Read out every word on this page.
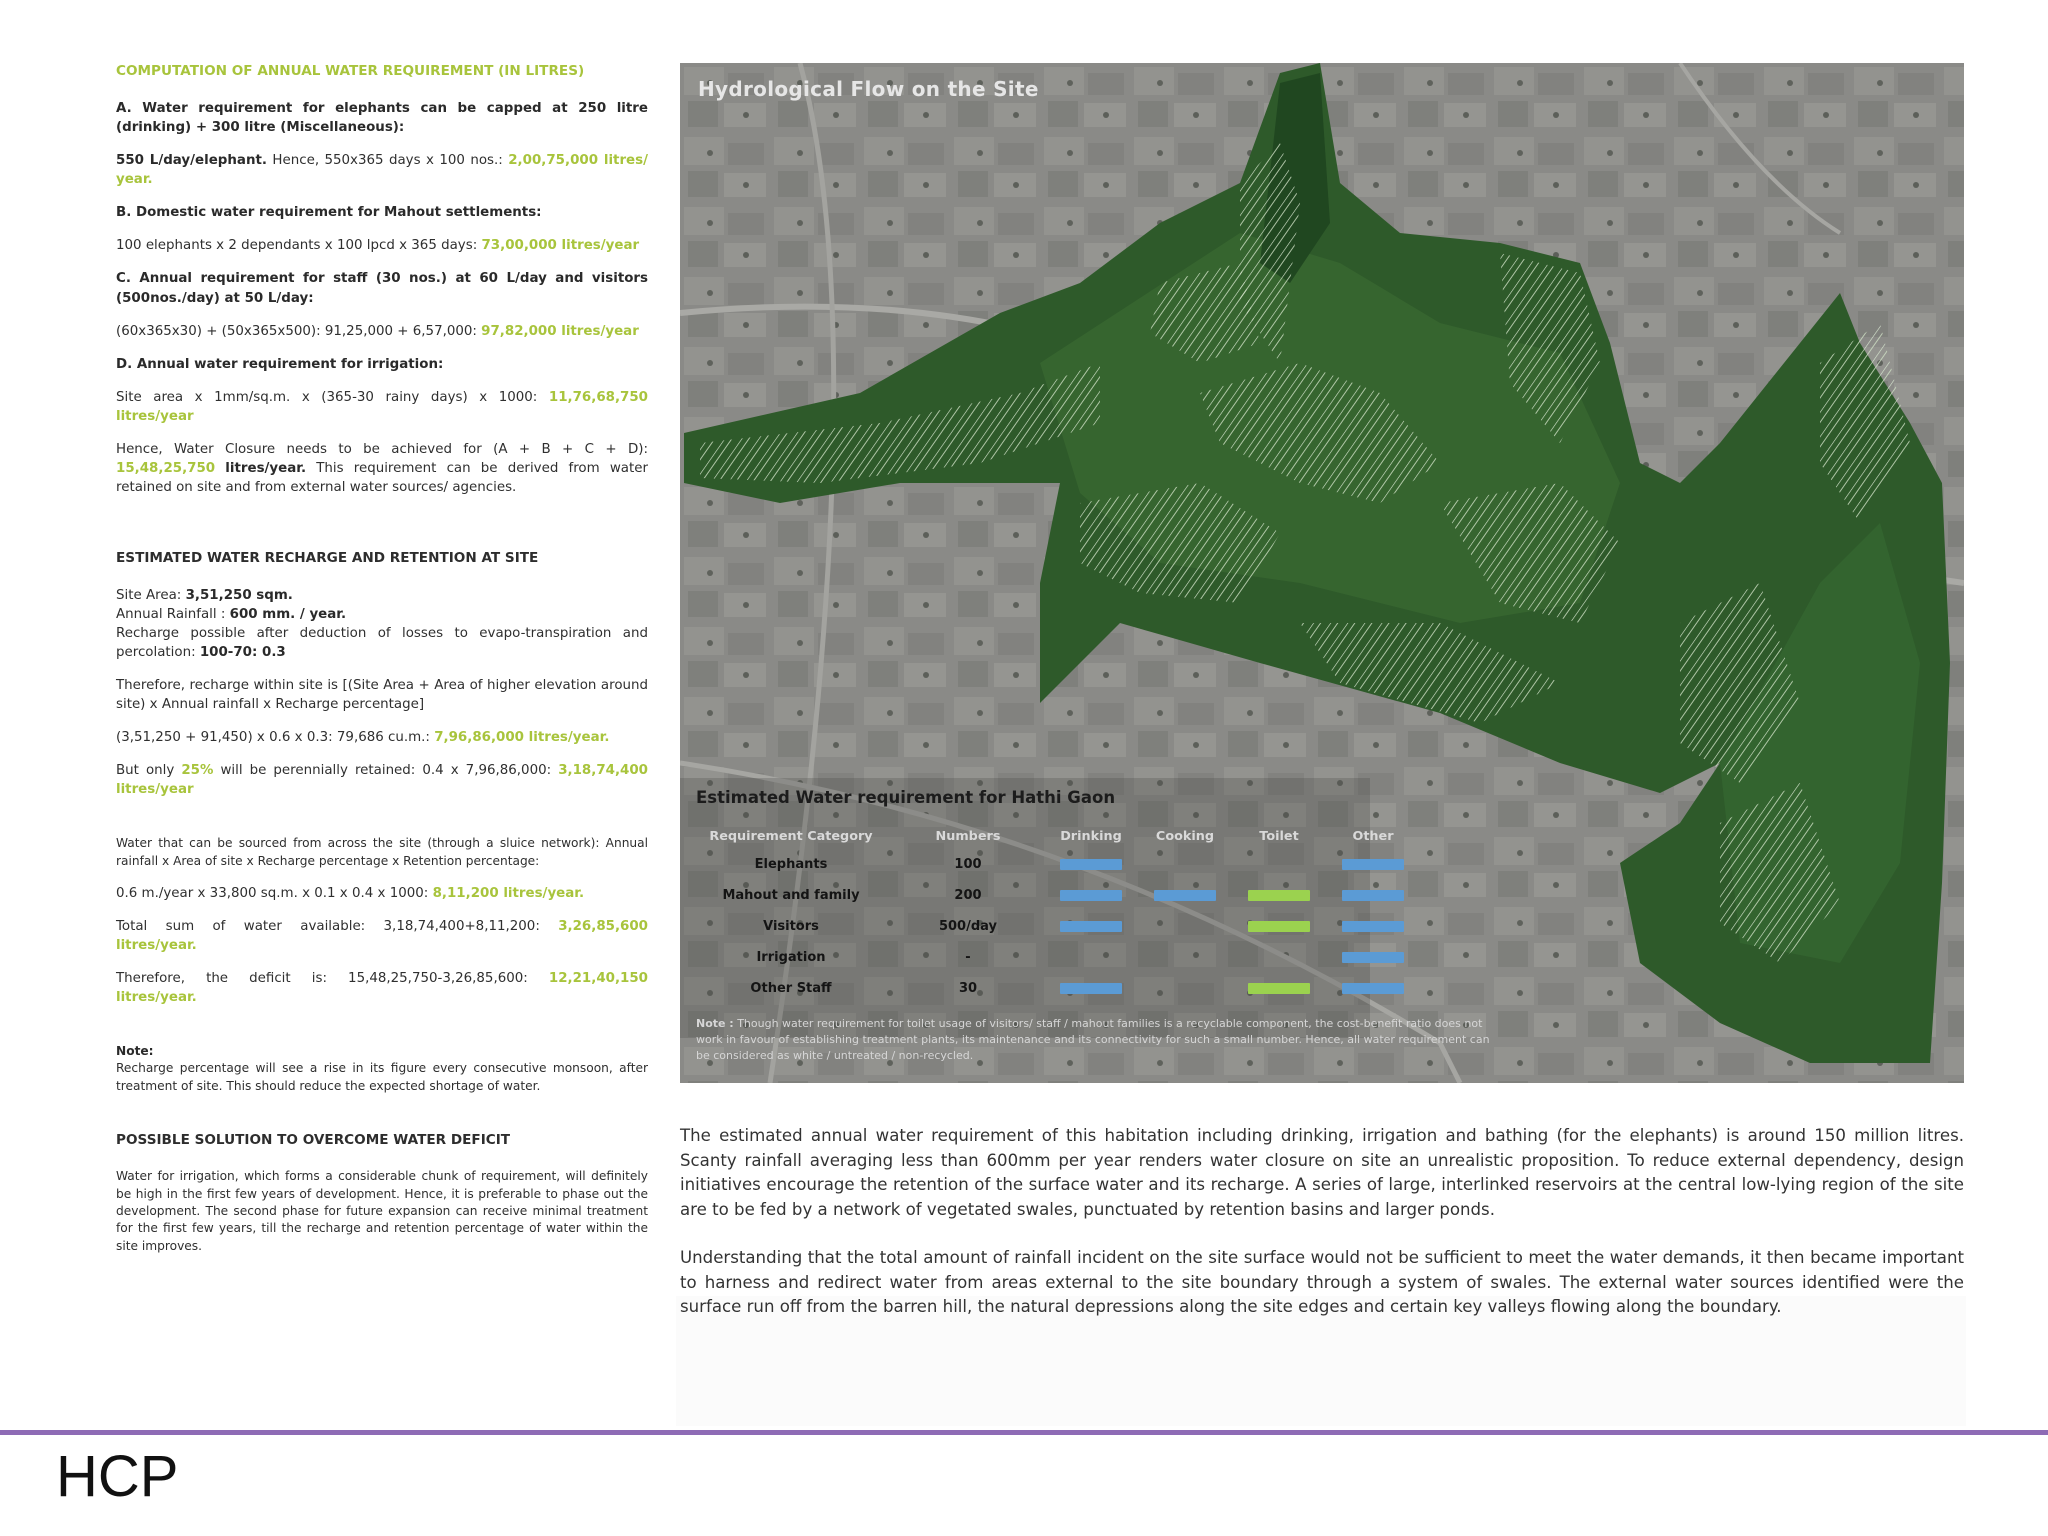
COMPUTATION OF ANNUAL WATER REQUIREMENT (IN LITRES)

A. Water requirement for elephants can be capped at 250 litre (drinking) + 300 litre (Miscellaneous):

550 L/day/elephant. Hence, 550x365 days x 100 nos.: 2,00,75,000 litres/ year.

B. Domestic water requirement for Mahout settlements:

100 elephants x 2 dependants x 100 lpcd x 365 days: 73,00,000 litres/year

C. Annual requirement for staff (30 nos.) at 60 L/day and visitors (500nos./day) at 50 L/day:

(60x365x30) + (50x365x500): 91,25,000 + 6,57,000: 97,82,000 litres/year

D. Annual water requirement for irrigation:

Site area x 1mm/sq.m. x (365-30 rainy days) x 1000: 11,76,68,750 litres/year

Hence, Water Closure needs to be achieved for (A + B + C + D): 15,48,25,750 litres/year. This requirement can be derived from water retained on site and from external water sources/ agencies.

ESTIMATED WATER RECHARGE AND RETENTION AT SITE

Site Area: 3,51,250 sqm.
Annual Rainfall : 600 mm. / year.
Recharge possible after deduction of losses to evapo-transpiration and percolation: 100-70: 0.3

Therefore, recharge within site is [(Site Area + Area of higher elevation around site) x Annual rainfall x Recharge percentage]

(3,51,250 + 91,450) x 0.6 x 0.3: 79,686 cu.m.: 7,96,86,000 litres/year.

But only 25% will be perennially retained: 0.4 x 7,96,86,000: 3,18,74,400 litres/year

Water that can be sourced from across the site (through a sluice network): Annual rainfall x Area of site x Recharge percentage x Retention percentage:

0.6 m./year x 33,800 sq.m. x 0.1 x 0.4 x 1000: 8,11,200 litres/year.

Total sum of water available: 3,18,74,400+8,11,200: 3,26,85,600 litres/year.

Therefore, the deficit is: 15,48,25,750-3,26,85,600: 12,21,40,150 litres/year.

Note:
Recharge percentage will see a rise in its figure every consecutive monsoon, after treatment of site. This should reduce the expected shortage of water.

POSSIBLE SOLUTION TO OVERCOME WATER DEFICIT

Water for irrigation, which forms a considerable chunk of requirement, will definitely be high in the first few years of development. Hence, it is preferable to phase out the development. The second phase for future expansion can receive minimal treatment for the first few years, till the recharge and retention percentage of water within the site improves.

Hydrological Flow on the Site
Estimated Water requirement for Hathi Gaon
Requirement Category	Numbers	Drinking	Cooking	Toilet	Other
Elephants	100				
Mahout and family	200				
Visitors	500/day				
Irrigation	-				
Other Staff	30				
Note : Though water requirement for toilet usage of visitors/ staff / mahout families is a recyclable component, the cost-benefit ratio does not work in favour of establishing treatment plants, its maintenance and its connectivity for such a small number. Hence, all water requirement can be considered as white / untreated / non-recycled.

The estimated annual water requirement of this habitation including drinking, irrigation and bathing (for the elephants) is around 150 million litres. Scanty rainfall averaging less than 600mm per year renders water closure on site an unrealistic proposition. To reduce external dependency, design initiatives encourage the retention of the surface water and its recharge. A series of large, interlinked reservoirs at the central low-lying region of the site are to be fed by a network of vegetated swales, punctuated by retention basins and larger ponds.

Understanding that the total amount of rainfall incident on the site surface would not be sufficient to meet the water demands, it then became important to harness and redirect water from areas external to the site boundary through a system of swales. The external water sources identified were the surface run off from the barren hill, the natural depressions along the site edges and certain key valleys flowing along the boundary.

HCP
